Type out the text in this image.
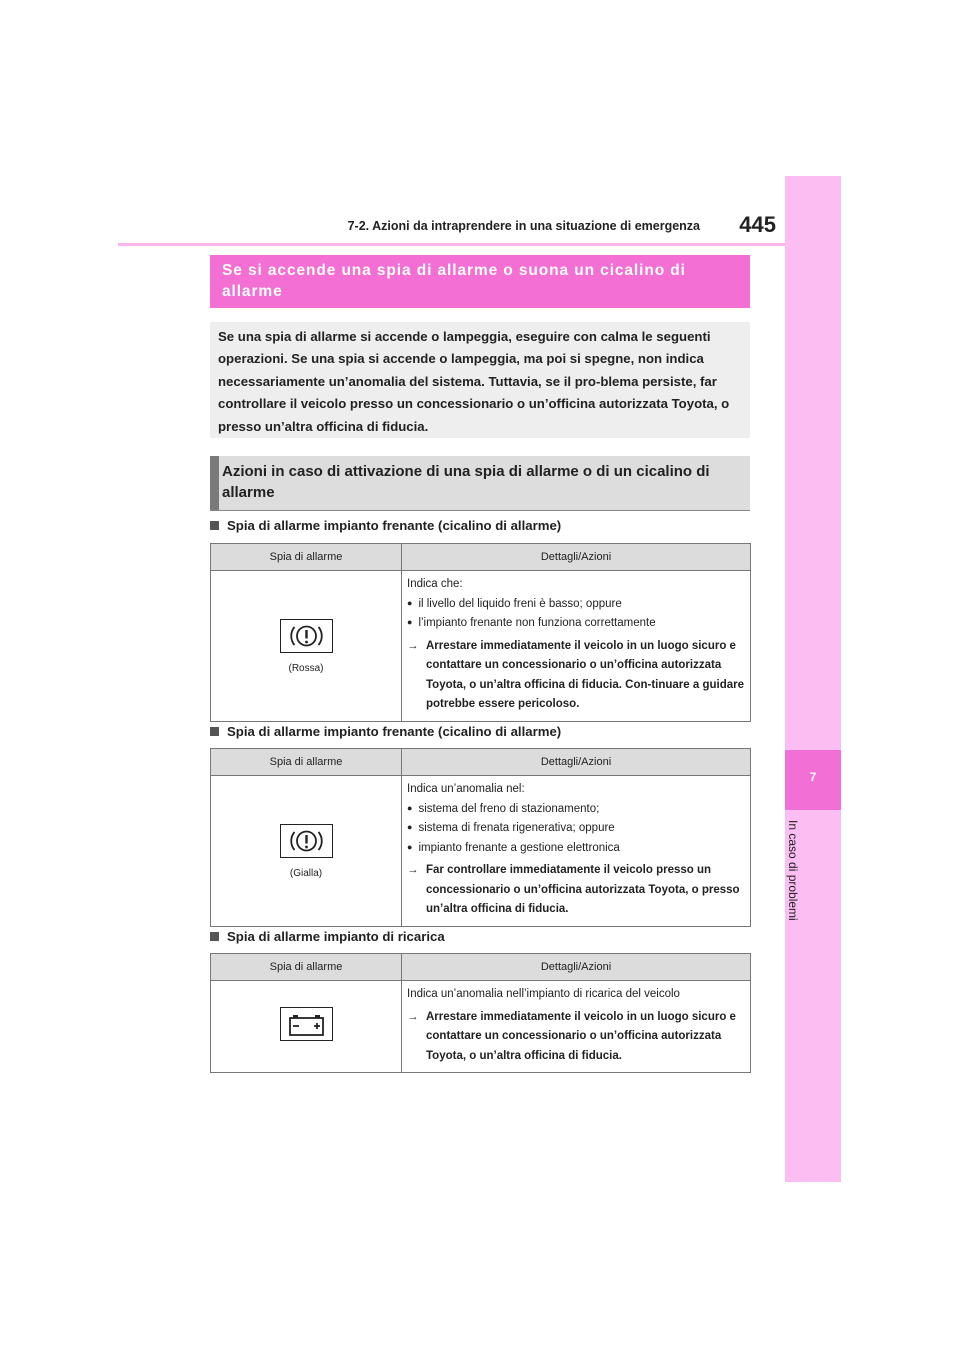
7-2. Azioni da intraprendere in una situazione di emergenza	445
7
In caso di problemi
Se si accende una spia di allarme o suona un cicalino di allarme
Se una spia di allarme si accende o lampeggia, eseguire con calma le seguenti operazioni. Se una spia si accende o lampeggia, ma poi si spegne, non indica necessariamente un’anomalia del sistema. Tuttavia, se il pro-blema persiste, far controllare il veicolo presso un concessionario o un’officina autorizzata Toyota, o presso un’altra officina di fiducia.
Azioni in caso di attivazione di una spia di allarme o di un cicalino di allarme
Spia di allarme impianto frenante (cicalino di allarme)
Spia di allarme	Dettagli/Azioni

(Rossa)	Indica che:
● il livello del liquido freni è basso; oppure
● l’impianto frenante non funziona correttamente
→ Arrestare immediatamente il veicolo in un luogo sicuro e contattare un concessionario o un’officina autorizzata Toyota, o un’altra officina di fiducia. Con-tinuare a guidare potrebbe essere pericoloso.
Spia di allarme impianto frenante (cicalino di allarme)
Spia di allarme	Dettagli/Azioni

(Gialla)	Indica un’anomalia nel:
● sistema del freno di stazionamento;
● sistema di frenata rigenerativa; oppure
● impianto frenante a gestione elettronica
→ Far controllare immediatamente il veicolo presso un concessionario o un’officina autorizzata Toyota, o presso un’altra officina di fiducia.
Spia di allarme impianto di ricarica
Spia di allarme	Dettagli/Azioni

Indica un’anomalia nell’impianto di ricarica del veicolo
→ Arrestare immediatamente il veicolo in un luogo sicuro e contattare un concessionario o un’officina autorizzata Toyota, o un’altra officina di fiducia.
